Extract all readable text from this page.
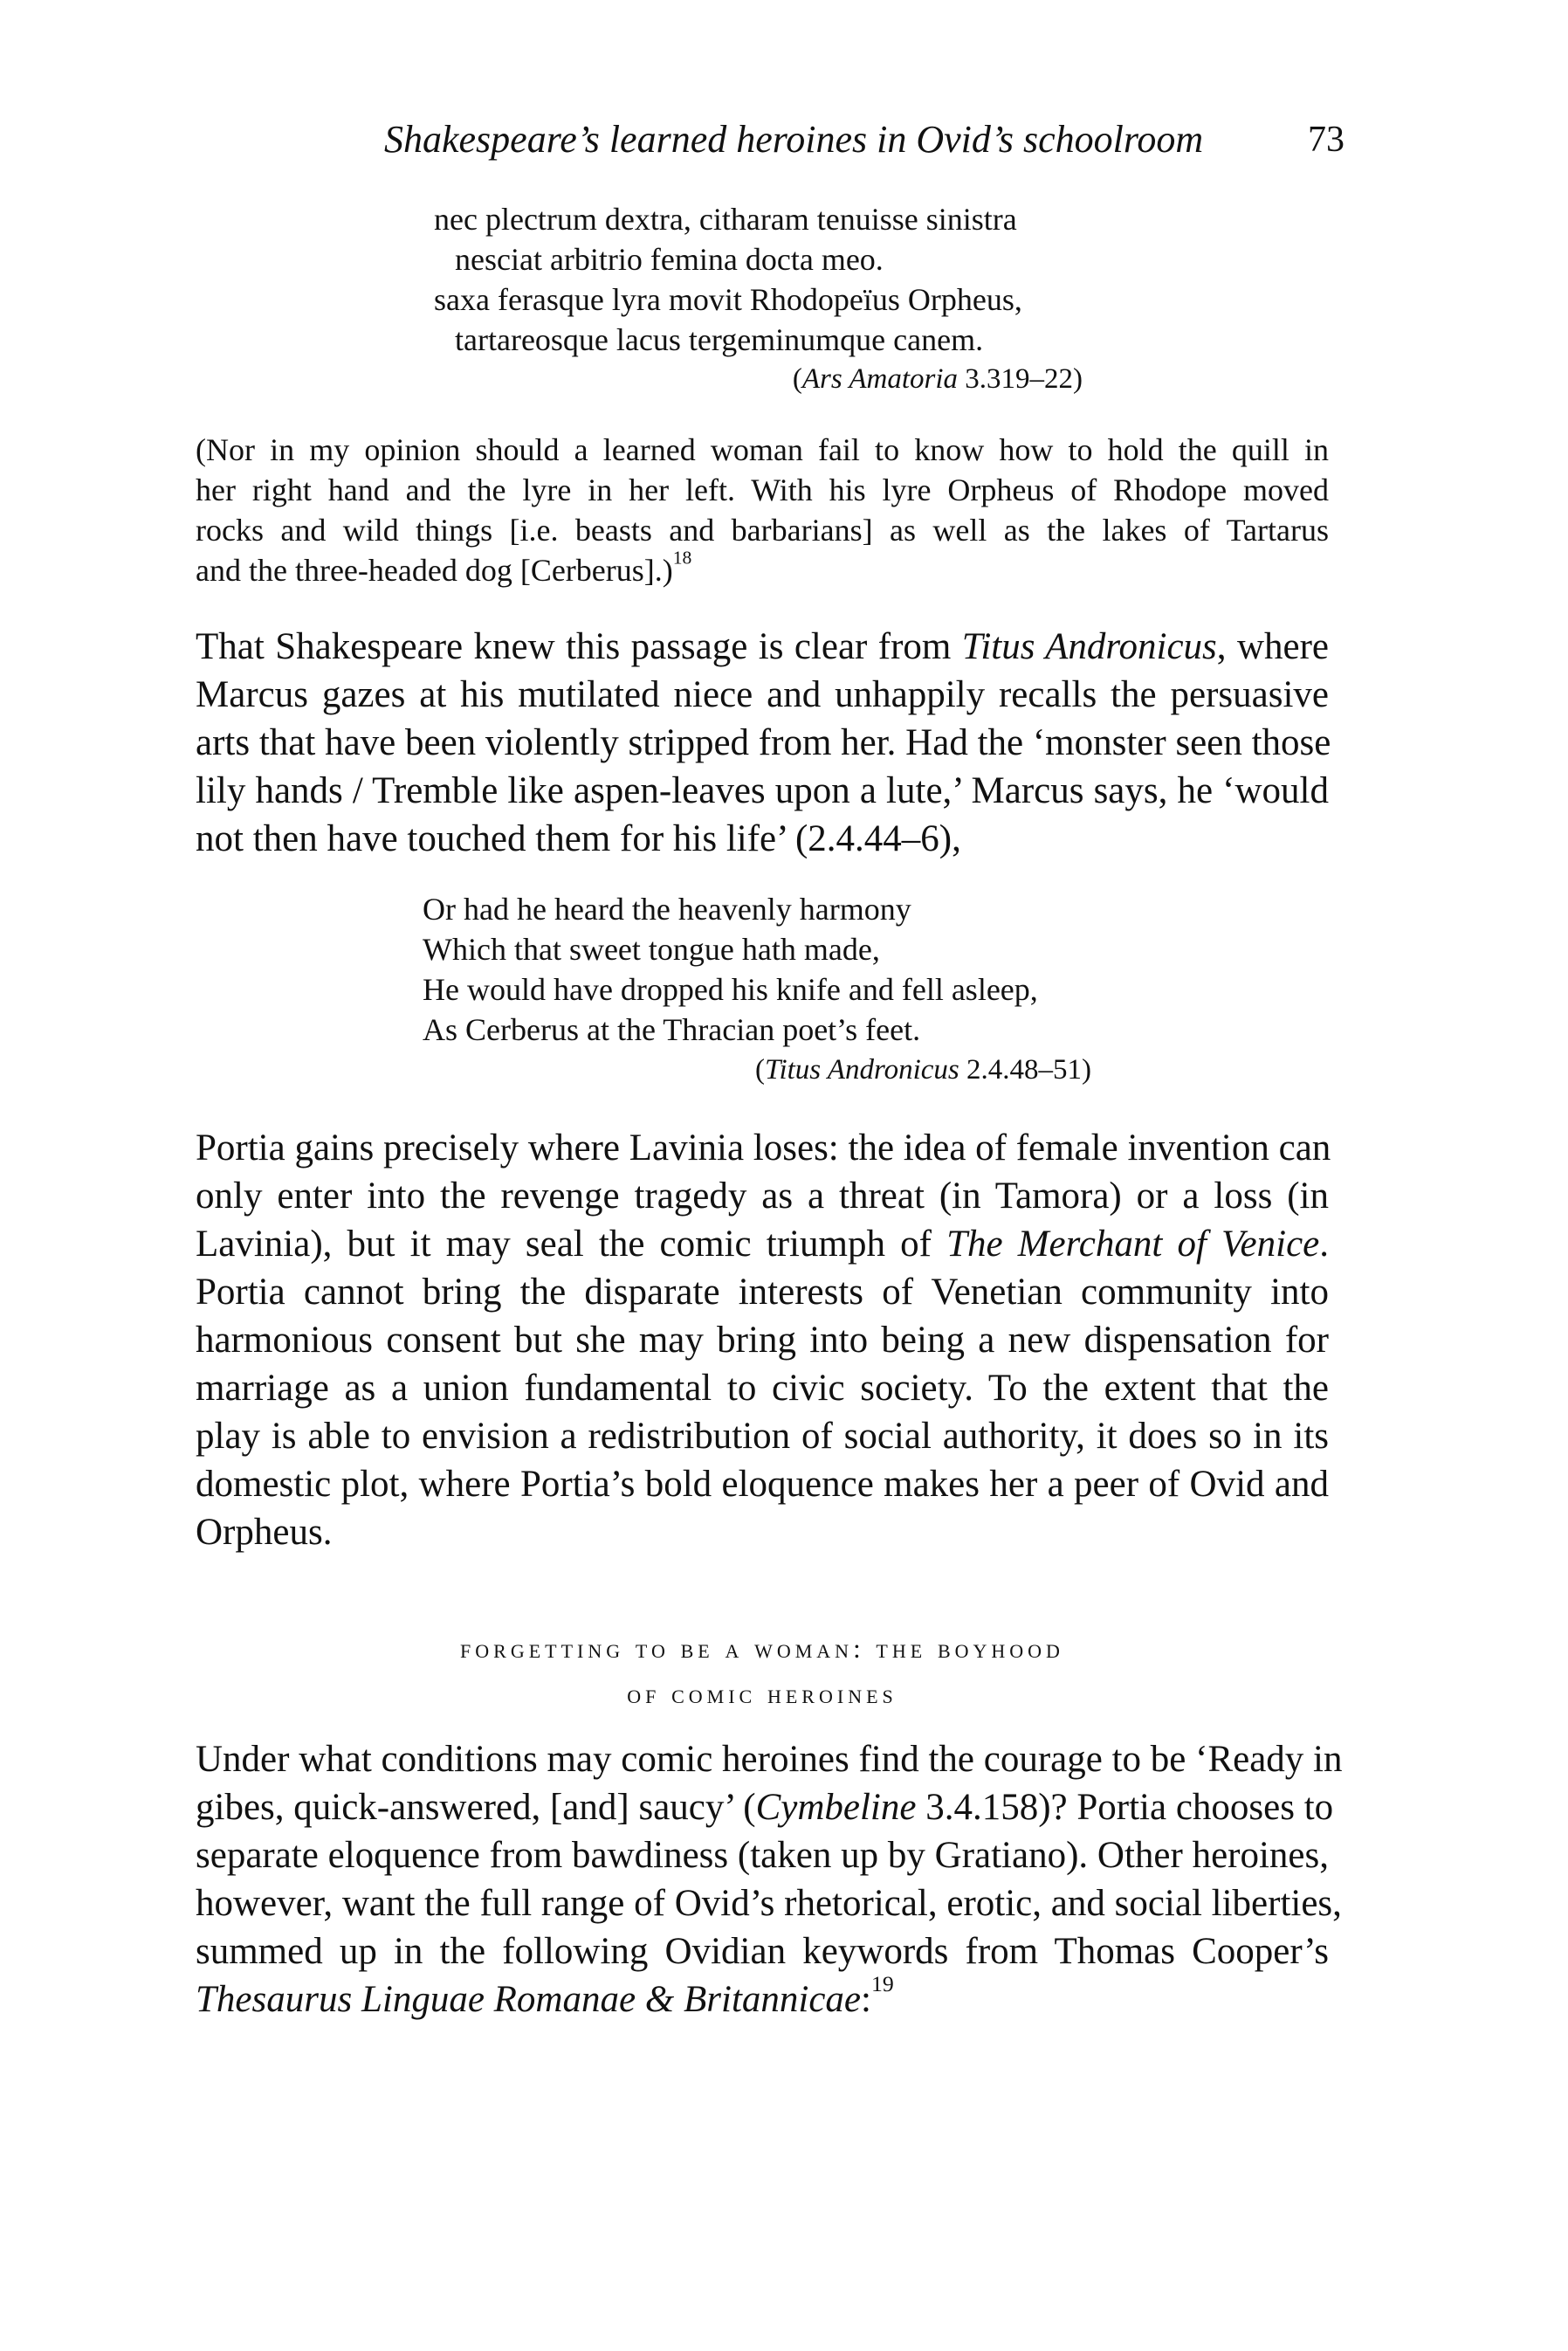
Shakespeare’s learned heroines in Ovid’s schoolroom	73
nec plectrum dextra, citharam tenuisse sinistra
nesciat arbitrio femina docta meo.
saxa ferasque lyra movit Rhodopeïus Orpheus,
tartareosque lacus tergeminumque canem.
(Ars Amatoria 3.319–22)
(Nor in my opinion should a learned woman fail to know how to hold the quill in
her right hand and the lyre in her left. With his lyre Orpheus of Rhodope moved
rocks and wild things [i.e. beasts and barbarians] as well as the lakes of Tartarus
and the three-headed dog [Cerberus].)$^{18}$
That Shakespeare knew this passage is clear from Titus Andronicus, where
Marcus gazes at his mutilated niece and unhappily recalls the persuasive
arts that have been violently stripped from her. Had the ‘monster seen those
lily hands / Tremble like aspen-leaves upon a lute,’ Marcus says, he ‘would
not then have touched them for his life’ (2.4.44–6),
Or had he heard the heavenly harmony
Which that sweet tongue hath made,
He would have dropped his knife and fell asleep,
As Cerberus at the Thracian poet’s feet.
(Titus Andronicus 2.4.48–51)
Portia gains precisely where Lavinia loses: the idea of female invention can
only enter into the revenge tragedy as a threat (in Tamora) or a loss (in
Lavinia), but it may seal the comic triumph of The Merchant of Venice.
Portia cannot bring the disparate interests of Venetian community into
harmonious consent but she may bring into being a new dispensation for
marriage as a union fundamental to civic society. To the extent that the
play is able to envision a redistribution of social authority, it does so in its
domestic plot, where Portia’s bold eloquence makes her a peer of Ovid and
Orpheus.
forgetting to be a woman: the boyhood
of comic heroines
Under what conditions may comic heroines find the courage to be ‘Ready in
gibes, quick-answered, [and] saucy’ (Cymbeline 3.4.158)? Portia chooses to
separate eloquence from bawdiness (taken up by Gratiano). Other heroines,
however, want the full range of Ovid’s rhetorical, erotic, and social liberties,
summed up in the following Ovidian keywords from Thomas Cooper’s
Thesaurus Linguae Romanae & Britannicae:$^{19}$
